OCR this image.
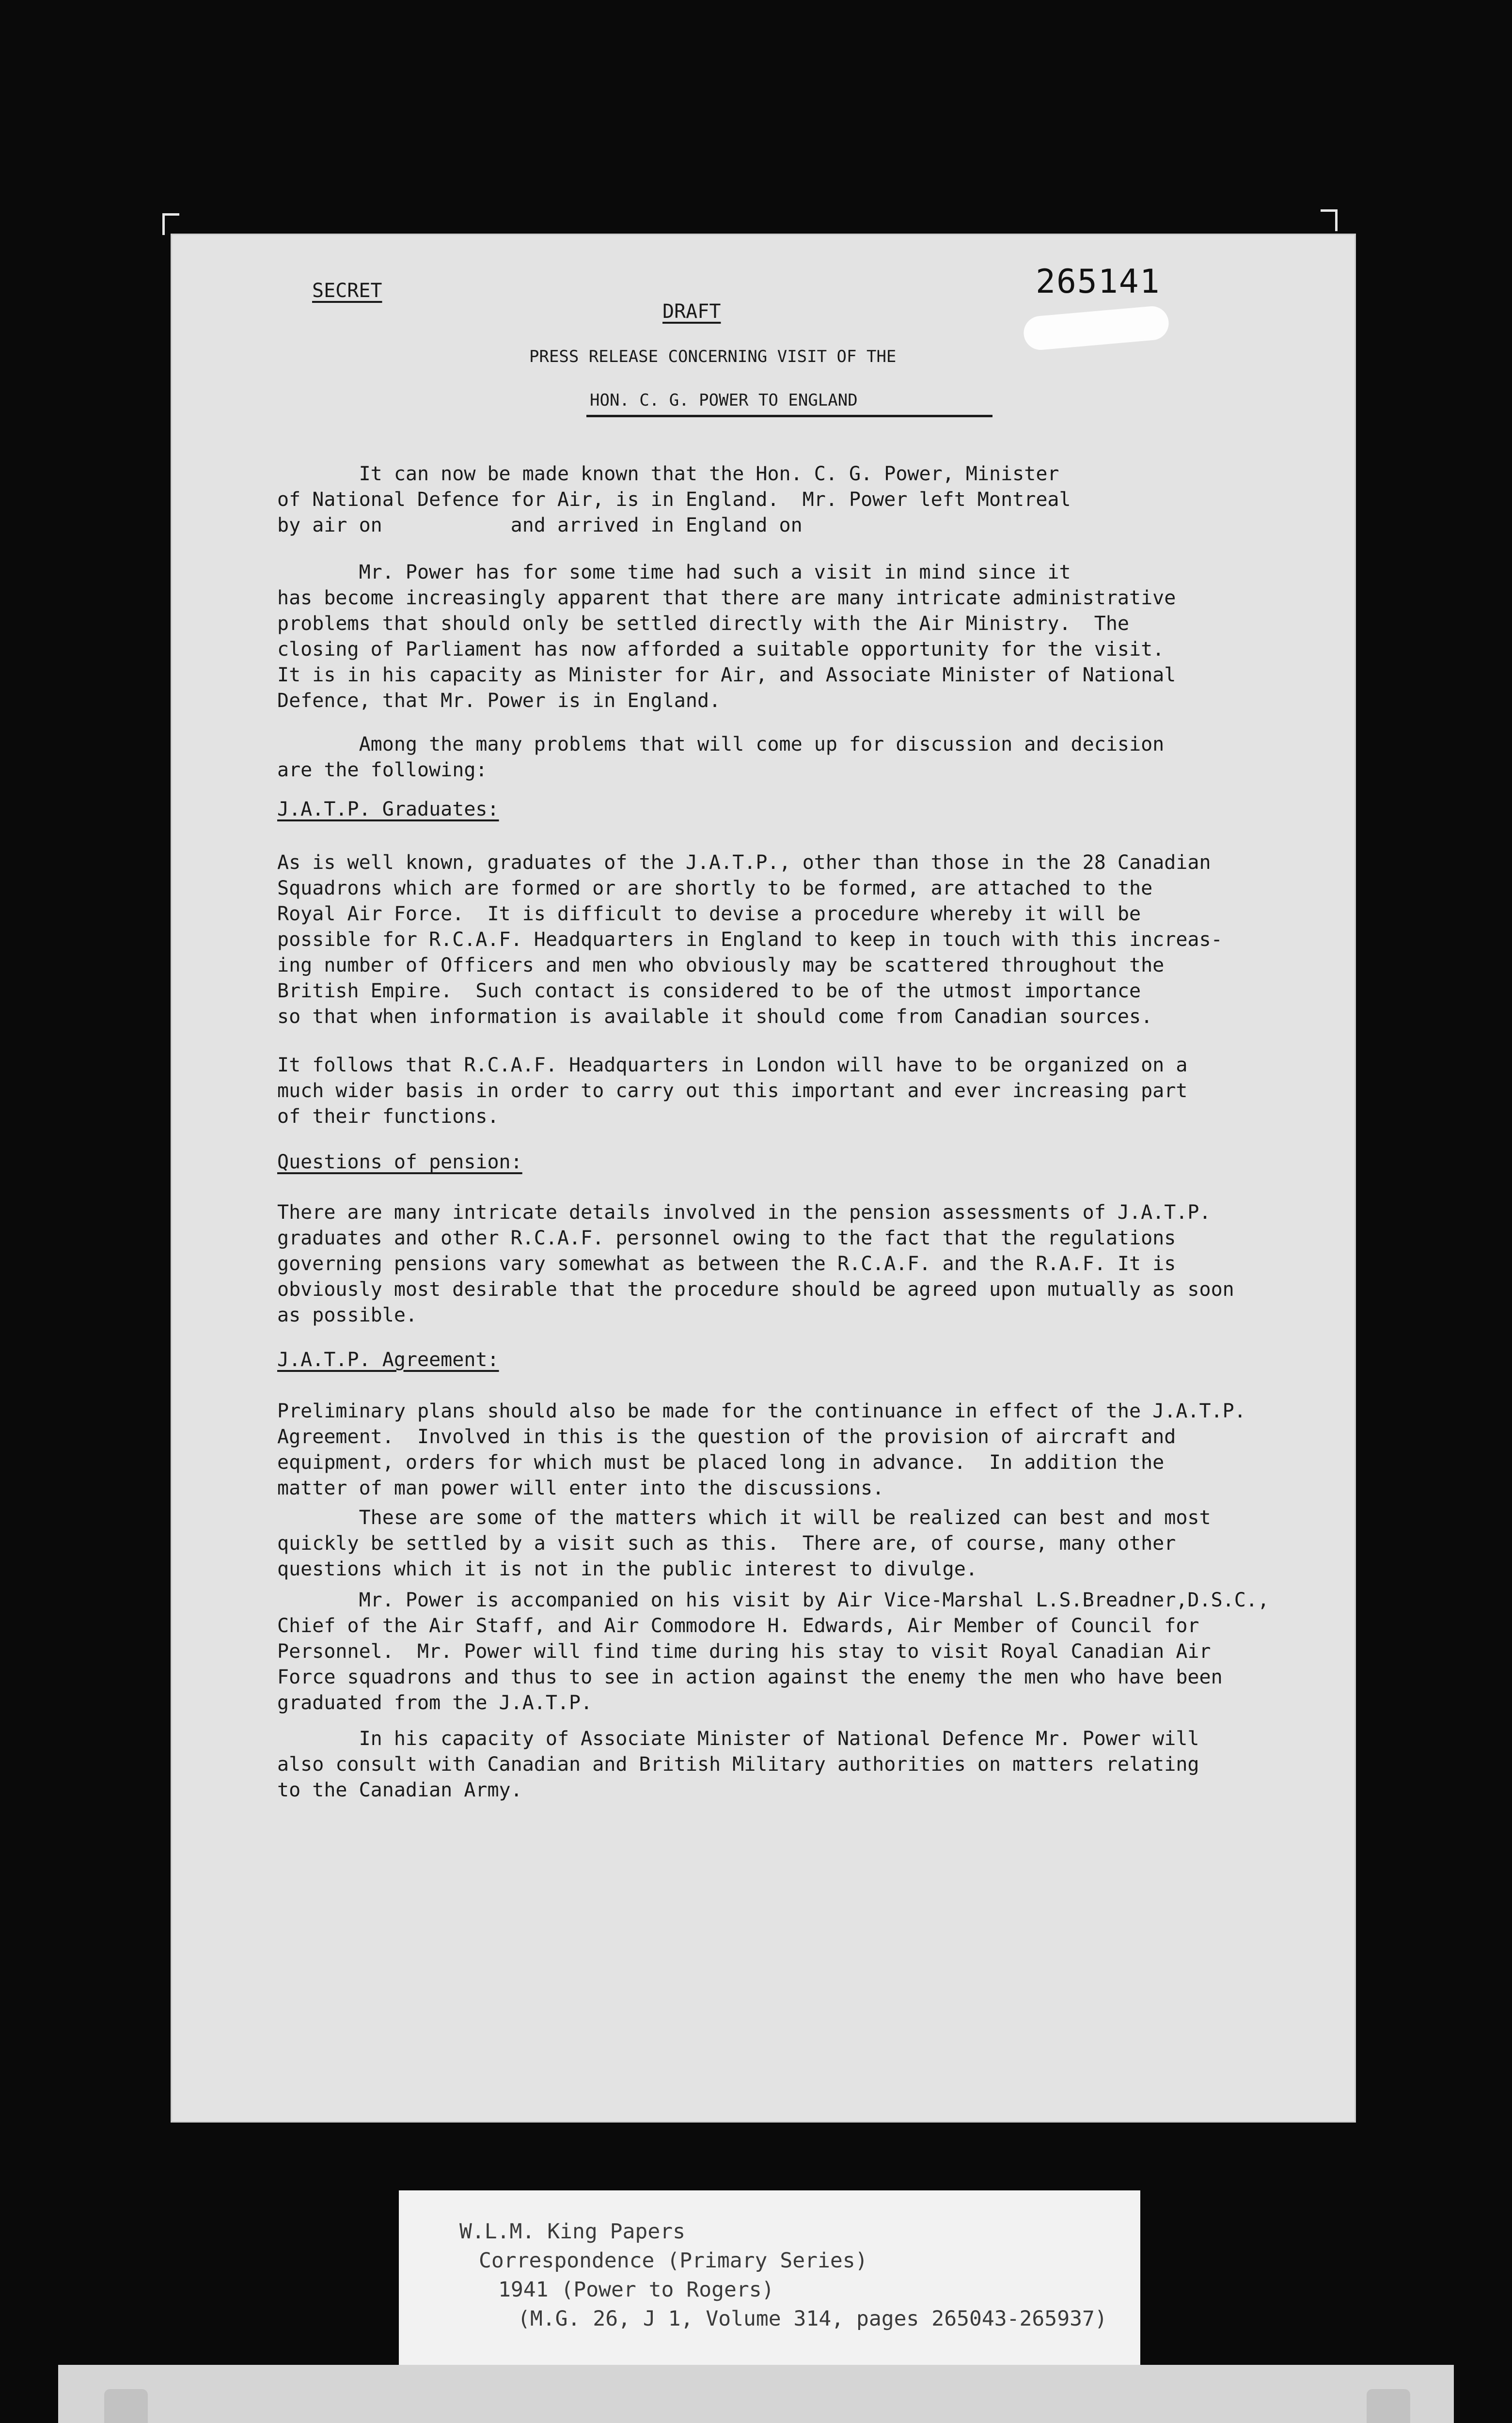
SECRET	265141
DRAFT
PRESS RELEASE CONCERNING VISIT OF THE
HON. C. G. POWER TO ENGLAND
It can now be made known that the Hon. C. G. Power, Minister
of National Defence for Air, is in England.  Mr. Power left Montreal
by air on           and arrived in England on
Mr. Power has for some time had such a visit in mind since it
has become increasingly apparent that there are many intricate administrative
problems that should only be settled directly with the Air Ministry.  The
closing of Parliament has now afforded a suitable opportunity for the visit.
It is in his capacity as Minister for Air, and Associate Minister of National
Defence, that Mr. Power is in England.
Among the many problems that will come up for discussion and decision
are the following:
J.A.T.P. Graduates:
As is well known, graduates of the J.A.T.P., other than those in the 28 Canadian
Squadrons which are formed or are shortly to be formed, are attached to the
Royal Air Force.  It is difficult to devise a procedure whereby it will be
possible for R.C.A.F. Headquarters in England to keep in touch with this increas-
ing number of Officers and men who obviously may be scattered throughout the
British Empire.  Such contact is considered to be of the utmost importance
so that when information is available it should come from Canadian sources.
It follows that R.C.A.F. Headquarters in London will have to be organized on a
much wider basis in order to carry out this important and ever increasing part
of their functions.
Questions of pension:
There are many intricate details involved in the pension assessments of J.A.T.P.
graduates and other R.C.A.F. personnel owing to the fact that the regulations
governing pensions vary somewhat as between the R.C.A.F. and the R.A.F. It is
obviously most desirable that the procedure should be agreed upon mutually as soon
as possible.
J.A.T.P. Agreement:
Preliminary plans should also be made for the continuance in effect of the J.A.T.P.
Agreement.  Involved in this is the question of the provision of aircraft and
equipment, orders for which must be placed long in advance.  In addition the
matter of man power will enter into the discussions.
These are some of the matters which it will be realized can best and most
quickly be settled by a visit such as this.  There are, of course, many other
questions which it is not in the public interest to divulge.
Mr. Power is accompanied on his visit by Air Vice-Marshal L.S.Breadner,D.S.C.,
Chief of the Air Staff, and Air Commodore H. Edwards, Air Member of Council for
Personnel.  Mr. Power will find time during his stay to visit Royal Canadian Air
Force squadrons and thus to see in action against the enemy the men who have been
graduated from the J.A.T.P.
In his capacity of Associate Minister of National Defence Mr. Power will
also consult with Canadian and British Military authorities on matters relating
to the Canadian Army.
W.L.M. King Papers
Correspondence (Primary Series)
1941 (Power to Rogers)
(M.G. 26, J 1, Volume 314, pages 265043-265937)
